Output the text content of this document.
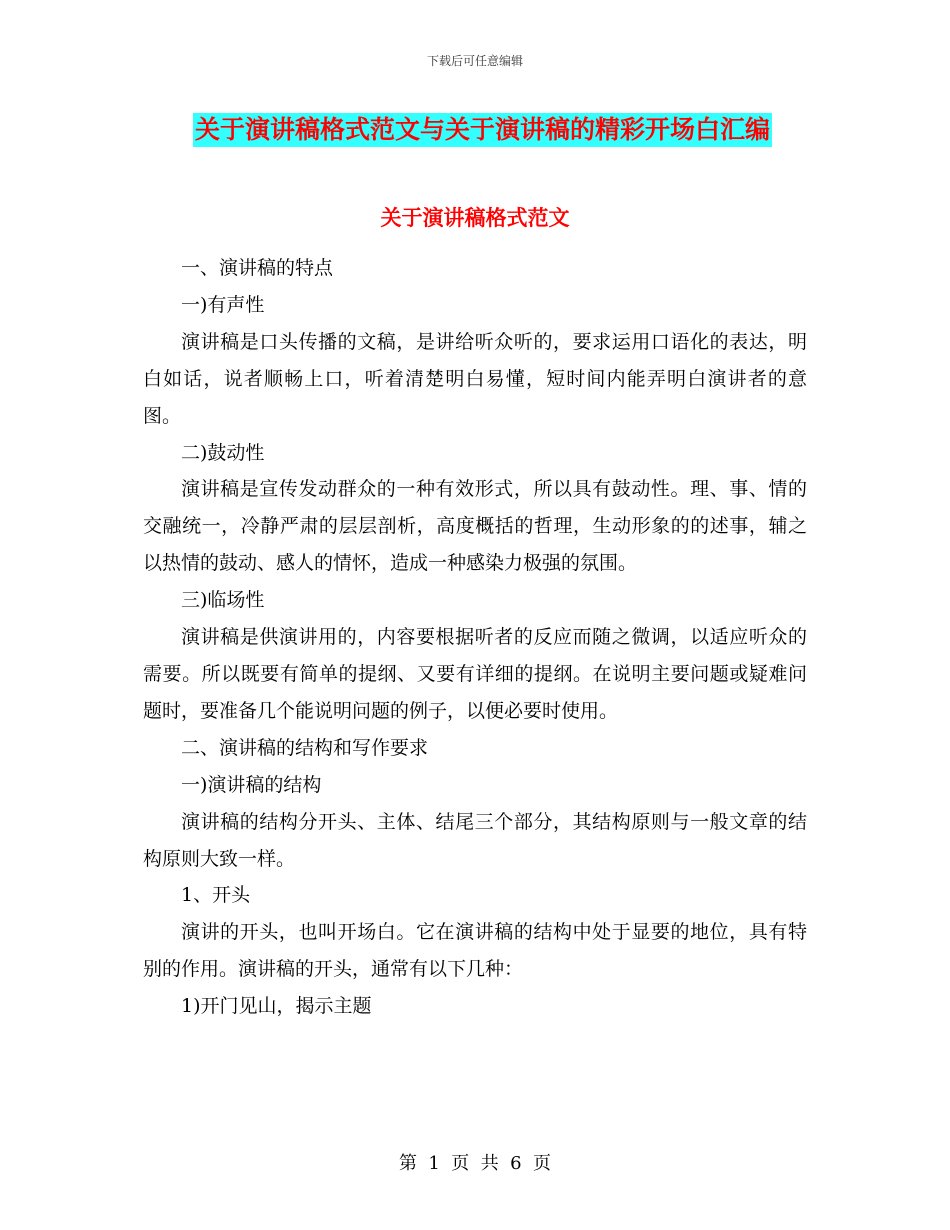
下载后可任意编辑
关于演讲稿格式范文与关于演讲稿的精彩开场白汇编
关于演讲稿格式范文

一、演讲稿的特点

一)有声性

演讲稿是口头传播的文稿，是讲给听众听的，要求运用口语化的表达，明白如话，说者顺畅上口，听着清楚明白易懂，短时间内能弄明白演讲者的意图。

二)鼓动性

演讲稿是宣传发动群众的一种有效形式，所以具有鼓动性。理、事、情的交融统一，冷静严肃的层层剖析，高度概括的哲理，生动形象的的述事，辅之以热情的鼓动、感人的情怀，造成一种感染力极强的氛围。

三)临场性

演讲稿是供演讲用的，内容要根据听者的反应而随之微调，以适应听众的需要。所以既要有简单的提纲、又要有详细的提纲。在说明主要问题或疑难问题时，要准备几个能说明问题的例子，以便必要时使用。

二、演讲稿的结构和写作要求

一)演讲稿的结构

演讲稿的结构分开头、主体、结尾三个部分，其结构原则与一般文章的结构原则大致一样。

1、开头

演讲的开头，也叫开场白。它在演讲稿的结构中处于显要的地位，具有特别的作用。演讲稿的开头，通常有以下几种：

1)开门见山，揭示主题

第  1  页  共  6  页
